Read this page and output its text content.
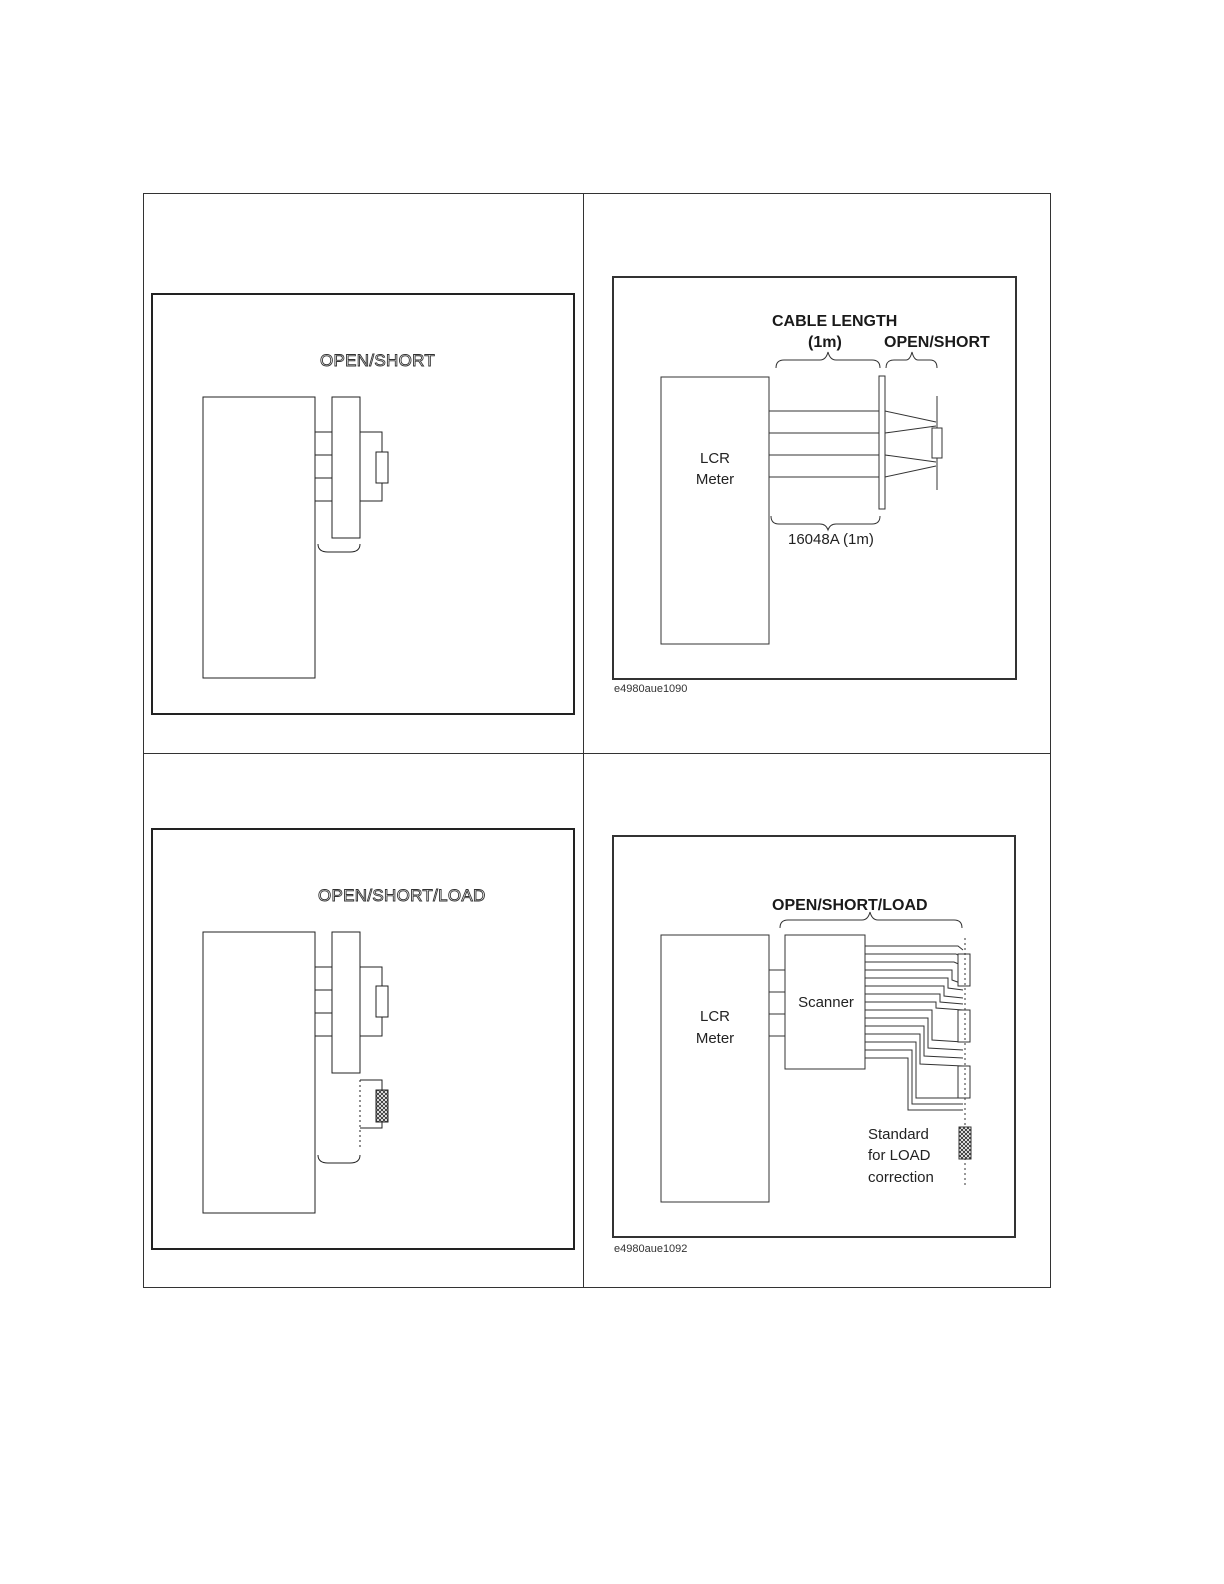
OPEN/SHORT
CABLE LENGTH
(1m)	OPEN/SHORT
LCR
Meter
16048A (1m)
e4980aue1090
OPEN/SHORT/LOAD
OPEN/SHORT/LOAD
LCR
Meter
Scanner
Standard
for LOAD
correction
e4980aue1092
